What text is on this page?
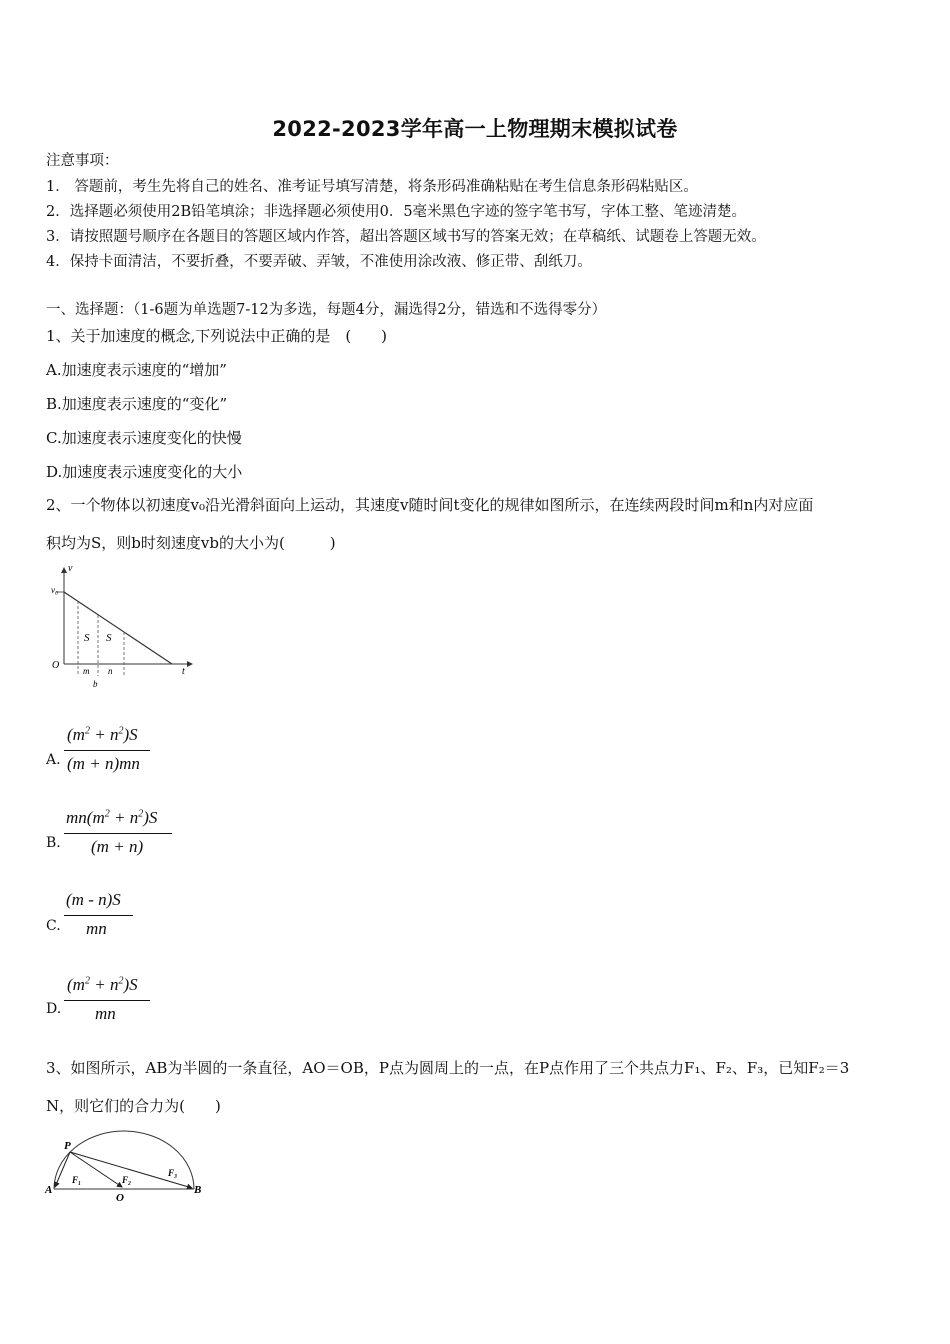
2022-2023学年高一上物理期末模拟试卷
注意事项：
1． 答题前，考生先将自己的姓名、准考证号填写清楚，将条形码准确粘贴在考生信息条形码粘贴区。
2．选择题必须使用2B铅笔填涂；非选择题必须使用0．5毫米黑色字迹的签字笔书写，字体工整、笔迹清楚。
3．请按照题号顺序在各题目的答题区域内作答，超出答题区域书写的答案无效；在草稿纸、试题卷上答题无效。
4．保持卡面清洁，不要折叠，不要弄破、弄皱，不准使用涂改液、修正带、刮纸刀。
一、选择题：（1-6题为单选题7-12为多选，每题4分，漏选得2分，错选和不选得零分）
1、关于加速度的概念,下列说法中正确的是　(　　)
A.加速度表示速度的“增加”
B.加速度表示速度的“变化”
C.加速度表示速度变化的快慢
D.加速度表示速度变化的大小
2、一个物体以初速度v₀沿光滑斜面向上运动，其速度v随时间t变化的规律如图所示，在连续两段时间m和n内对应面
积均为S，则b时刻速度vb的大小为(　　　)
v
v₀
O
t
S S
m n
b
A.
$(m^2 + n^2)S$
(m + n)mn
B.
$mn(m^2 + n^2)S$
(m + n)
C.
(m - n)S
mn
D.
$(m^2 + n^2)S$
mn
3、如图所示，AB为半圆的一条直径，AO＝OB，P点为圆周上的一点，在P点作用了三个共点力F₁、F₂、F₃，已知F₂＝3
N，则它们的合力为(　　)
P
A
O
B
F₁	F₂
F₃
